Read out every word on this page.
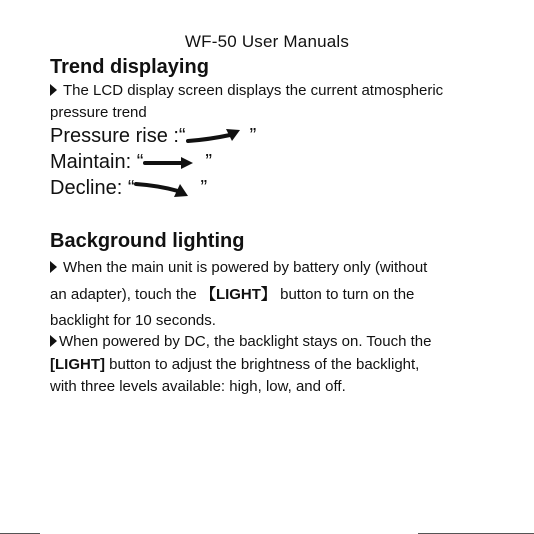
WF-50 User Manuals
Trend displaying
The LCD display screen displays the current atmospheric
pressure trend
Pressure rise :“	”
Maintain: “	”
Decline: “	”
Background lighting
When the main unit is powered by battery only (without
an adapter), touch the 【LIGHT】 button to turn on the
backlight for 10 seconds.
When powered by DC, the backlight stays on. Touch the
[LIGHT] button to adjust the brightness of the backlight,
with three levels available: high, low, and off.
